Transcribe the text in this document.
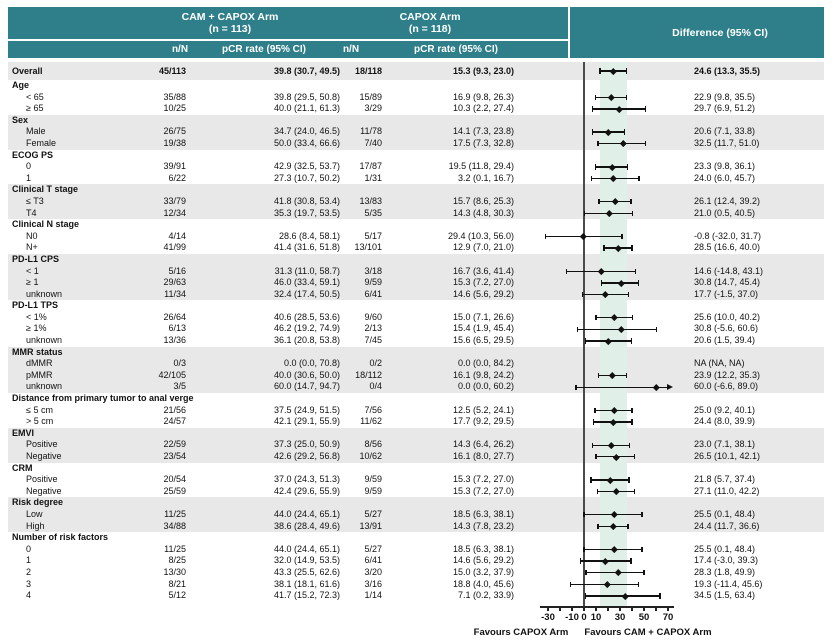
CAM + CAPOX Arm
(n = 113)
CAPOX Arm
(n = 118)	Difference (95% CI)
n/N	pCR rate (95% CI)	n/N	pCR rate (95% CI)
Overall	45/113	39.8 (30.7, 49.5)	18/118	15.3 (9.3, 23.0)	24.6 (13.3, 35.5)
Age
< 65	35/88	39.8 (29.5, 50.8)	15/89	16.9 (9.8, 26.3)	22.9 (9.8, 35.5)
≥ 65	10/25	40.0 (21.1, 61.3)	3/29	10.3 (2.2, 27.4)	29.7 (6.9, 51.2)
Sex
Male	26/75	34.7 (24.0, 46.5)	11/78	14.1 (7.3, 23.8)	20.6 (7.1, 33.8)
Female	19/38	50.0 (33.4, 66.6)	7/40	17.5 (7.3, 32.8)	32.5 (11.7, 51.0)
ECOG PS
0	39/91	42.9 (32.5, 53.7)	17/87	19.5 (11.8, 29.4)	23.3 (9.8, 36.1)
1	6/22	27.3 (10.7, 50.2)	1/31	3.2 (0.1, 16.7)	24.0 (6.0, 45.7)
Clinical T stage
≤ T3	33/79	41.8 (30.8, 53.4)	13/83	15.7 (8.6, 25.3)	26.1 (12.4, 39.2)
T4	12/34	35.3 (19.7, 53.5)	5/35	14.3 (4.8, 30.3)	21.0 (0.5, 40.5)
Clinical N stage
N0	4/14	28.6 (8.4, 58.1)	5/17	29.4 (10.3, 56.0)	-0.8 (-32.0, 31.7)
N+	41/99	41.4 (31.6, 51.8)	13/101	12.9 (7.0, 21.0)	28.5 (16.6, 40.0)
PD-L1 CPS
< 1	5/16	31.3 (11.0, 58.7)	3/18	16.7 (3.6, 41.4)	14.6 (-14.8, 43.1)
≥ 1	29/63	46.0 (33.4, 59.1)	9/59	15.3 (7.2, 27.0)	30.8 (14.7, 45.4)
unknown	11/34	32.4 (17.4, 50.5)	6/41	14.6 (5.6, 29.2)	17.7 (-1.5, 37.0)
PD-L1 TPS
< 1%	26/64	40.6 (28.5, 53.6)	9/60	15.0 (7.1, 26.6)	25.6 (10.0, 40.2)
≥ 1%	6/13	46.2 (19.2, 74.9)	2/13	15.4 (1.9, 45.4)	30.8 (-5.6, 60.6)
unknown	13/36	36.1 (20.8, 53.8)	7/45	15.6 (6.5, 29.5)	20.6 (1.5, 39.4)
MMR status
dMMR	0/3	0.0 (0.0, 70.8)	0/2	0.0 (0.0, 84.2)	NA (NA, NA)
pMMR	42/105	40.0 (30.6, 50.0)	18/112	16.1 (9.8, 24.2)	23.9 (12.2, 35.3)
unknown	3/5	60.0 (14.7, 94.7)	0/4	0.0 (0.0, 60.2)	60.0 (-6.6, 89.0)
Distance from primary tumor to anal verge
≤ 5 cm	21/56	37.5 (24.9, 51.5)	7/56	12.5 (5.2, 24.1)	25.0 (9.2, 40.1)
> 5 cm	24/57	42.1 (29.1, 55.9)	11/62	17.7 (9.2, 29.5)	24.4 (8.0, 39.9)
EMVI
Positive	22/59	37.3 (25.0, 50.9)	8/56	14.3 (6.4, 26.2)	23.0 (7.1, 38.1)
Negative	23/54	42.6 (29.2, 56.8)	10/62	16.1 (8.0, 27.7)	26.5 (10.1, 42.1)
CRM
Positive	20/54	37.0 (24.3, 51.3)	9/59	15.3 (7.2, 27.0)	21.8 (5.7, 37.4)
Negative	25/59	42.4 (29.6, 55.9)	9/59	15.3 (7.2, 27.0)	27.1 (11.0, 42.2)
Risk degree
Low	11/25	44.0 (24.4, 65.1)	5/27	18.5 (6.3, 38.1)	25.5 (0.1, 48.4)
High	34/88	38.6 (28.4, 49.6)	13/91	14.3 (7.8, 23.2)	24.4 (11.7, 36.6)
Number of risk factors
0	11/25	44.0 (24.4, 65.1)	5/27	18.5 (6.3, 38.1)	25.5 (0.1, 48.4)
1	8/25	32.0 (14.9, 53.5)	6/41	14.6 (5.6, 29.2)	17.4 (-3.0, 39.3)
2	13/30	43.3 (25.5, 62.6)	3/20	15.0 (3.2, 37.9)	28.3 (1.8, 49.9)
3	8/21	38.1 (18.1, 61.6)	3/16	18.8 (4.0, 45.6)	19.3 (-11.4, 45.6)
4	5/12	41.7 (15.2, 72.3)	1/14	7.1 (0.2, 33.9)	34.5 (1.5, 63.4)
Favours CAPOX Arm	Favours CAM + CAPOX Arm
-30	-10 0 10	30	50	70
